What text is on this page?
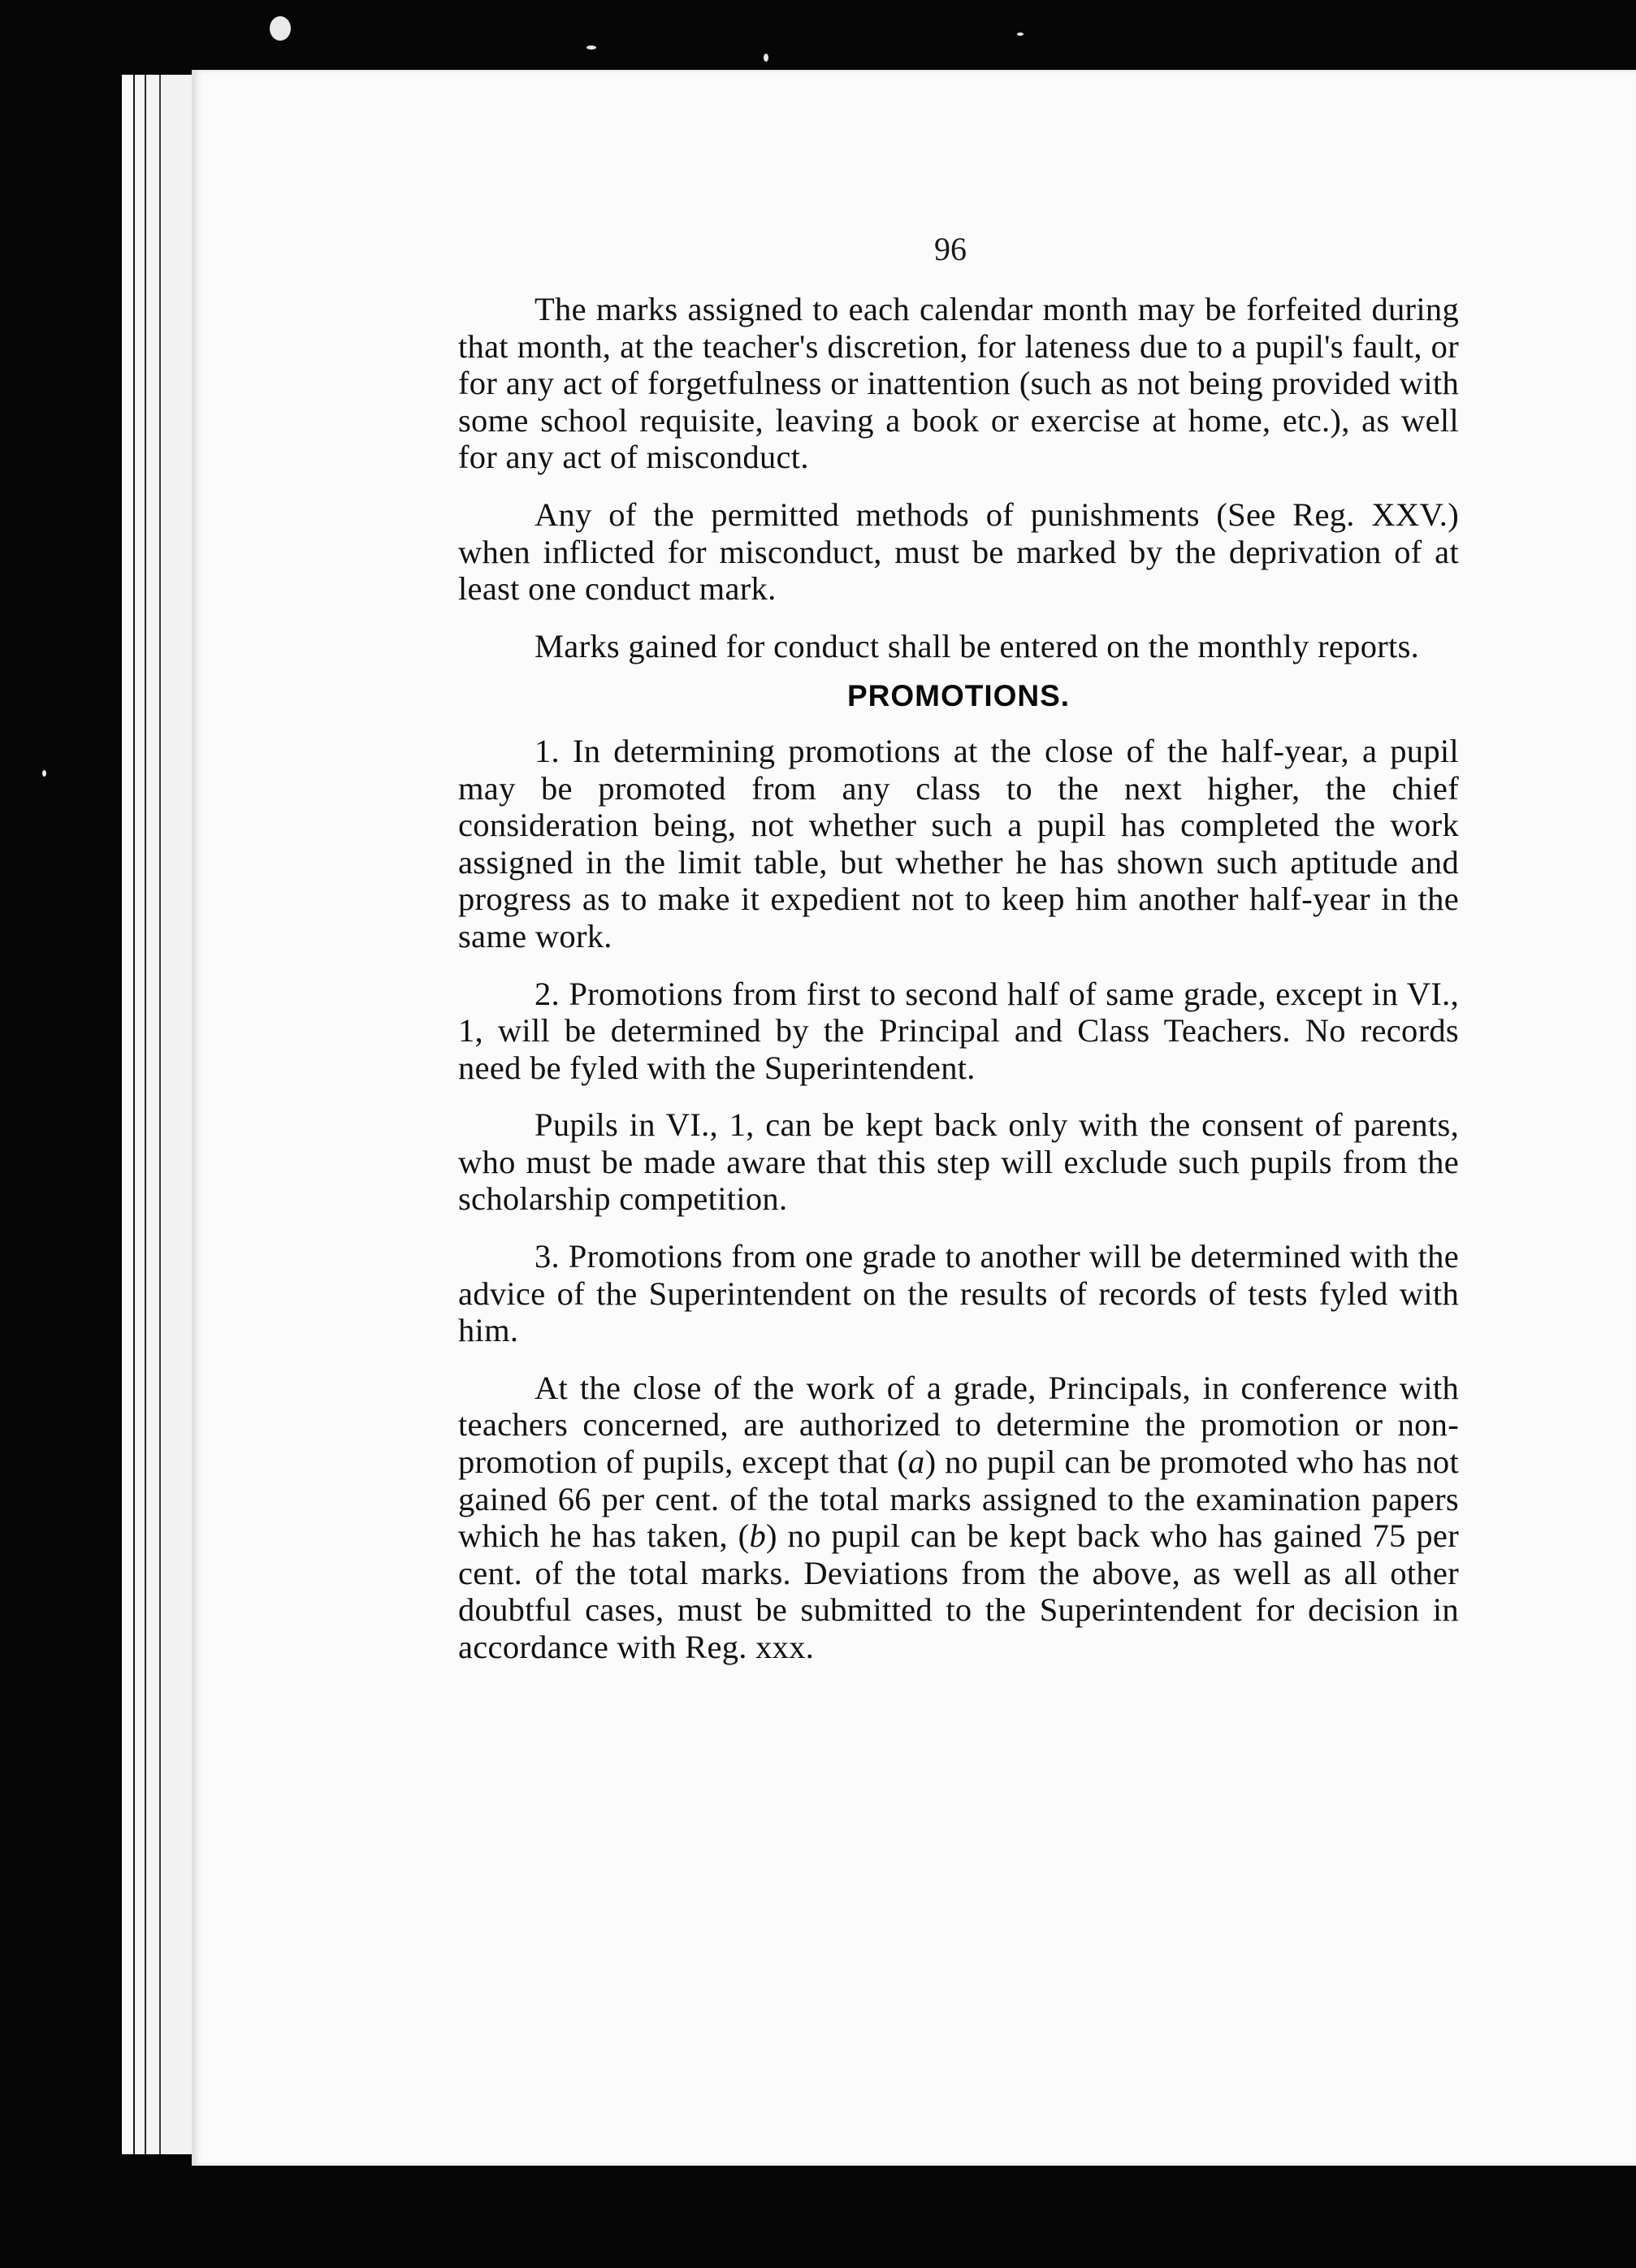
96

The marks assigned to each calendar month may be forfeited during that month, at the teacher's discretion, for lateness due to a pupil's fault, or for any act of forgetfulness or inattention (such as not being provided with some school requisite, leaving a book or exercise at home, etc.), as well for any act of misconduct.

Any of the permitted methods of punishments (See Reg. XXV.) when inflicted for misconduct, must be marked by the deprivation of at least one conduct mark.

Marks gained for conduct shall be entered on the monthly reports.

PROMOTIONS.

1. In determining promotions at the close of the half-year, a pupil may be promoted from any class to the next higher, the chief consideration being, not whether such a pupil has completed the work assigned in the limit table, but whether he has shown such aptitude and progress as to make it expedient not to keep him another half-year in the same work.

2. Promotions from first to second half of same grade, except in VI., 1, will be determined by the Principal and Class Teachers. No records need be fyled with the Superintendent.

Pupils in VI., 1, can be kept back only with the consent of parents, who must be made aware that this step will exclude such pupils from the scholarship competition.

3. Promotions from one grade to another will be determined with the advice of the Superintendent on the results of records of tests fyled with him.

At the close of the work of a grade, Principals, in conference with teachers concerned, are authorized to determine the promotion or non-promotion of pupils, except that (a) no pupil can be promoted who has not gained 66 per cent. of the total marks assigned to the examination papers which he has taken, (b) no pupil can be kept back who has gained 75 per cent. of the total marks. Deviations from the above, as well as all other doubtful cases, must be submitted to the Superintendent for decision in accordance with Reg. xxx.
